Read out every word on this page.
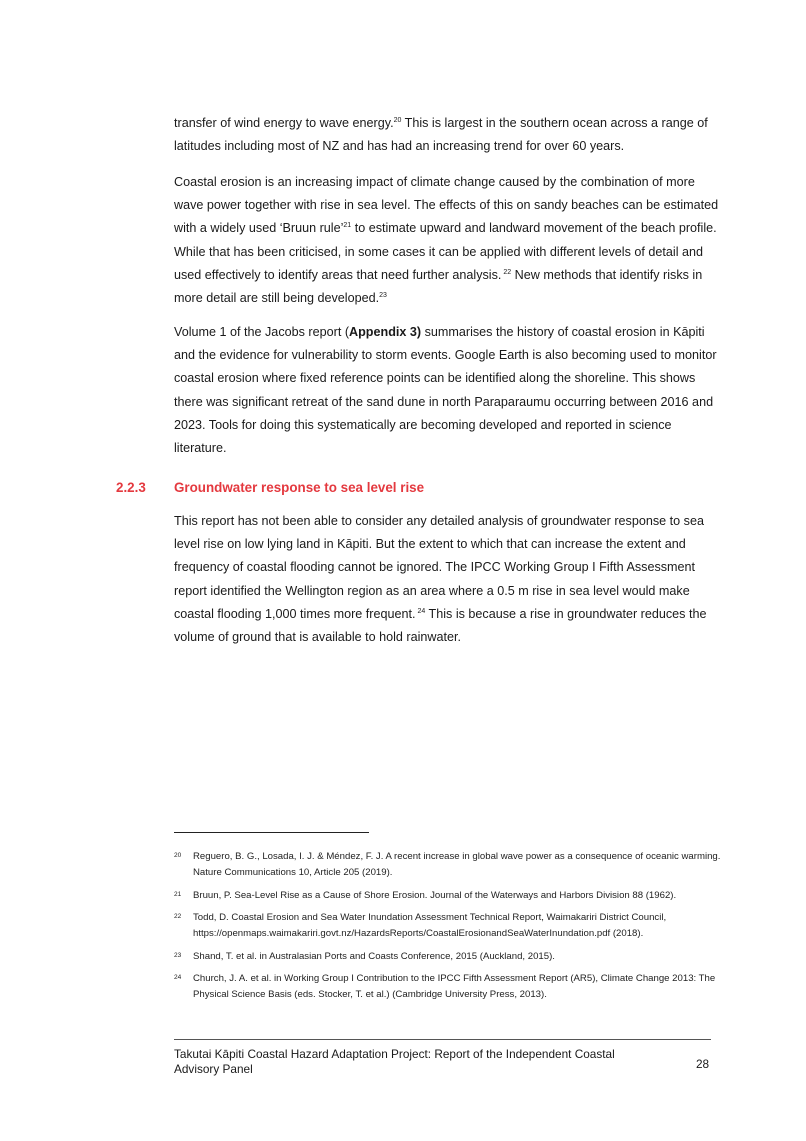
transfer of wind energy to wave energy.$^{20}$ This is largest in the southern ocean across a range of latitudes including most of NZ and has had an increasing trend for over 60 years.

Coastal erosion is an increasing impact of climate change caused by the combination of more wave power together with rise in sea level. The effects of this on sandy beaches can be estimated with a widely used ‘Bruun rule’$^{21}$ to estimate upward and landward movement of the beach profile. While that has been criticised, in some cases it can be applied with different levels of detail and used effectively to identify areas that need further analysis. $^{22}$ New methods that identify risks in more detail are still being developed.$^{23}$

Volume 1 of the Jacobs report (Appendix 3) summarises the history of coastal erosion in Kāpiti and the evidence for vulnerability to storm events. Google Earth is also becoming used to monitor coastal erosion where fixed reference points can be identified along the shoreline. This shows there was significant retreat of the sand dune in north Paraparaumu occurring between 2016 and 2023. Tools for doing this systematically are becoming developed and reported in science literature.

2.2.3 Groundwater response to sea level rise

This report has not been able to consider any detailed analysis of groundwater response to sea level rise on low lying land in Kāpiti. But the extent to which that can increase the extent and frequency of coastal flooding cannot be ignored. The IPCC Working Group I Fifth Assessment report identified the Wellington region as an area where a 0.5 m rise in sea level would make coastal flooding 1,000 times more frequent. $^{24}$ This is because a rise in groundwater reduces the volume of ground that is available to hold rainwater.

20 Reguero, B. G., Losada, I. J. & Méndez, F. J. A recent increase in global wave power as a consequence of oceanic warming. Nature Communications 10, Article 205 (2019).
21 Bruun, P. Sea-Level Rise as a Cause of Shore Erosion. Journal of the Waterways and Harbors Division 88 (1962).
22 Todd, D. Coastal Erosion and Sea Water Inundation Assessment Technical Report, Waimakariri District Council, https://openmaps.waimakariri.govt.nz/HazardsReports/CoastalErosionandSeaWaterInundation.pdf (2018).
23 Shand, T. et al. in Australasian Ports and Coasts Conference, 2015 (Auckland, 2015).
24 Church, J. A. et al. in Working Group I Contribution to the IPCC Fifth Assessment Report (AR5), Climate Change 2013: The Physical Science Basis (eds. Stocker, T. et al.) (Cambridge University Press, 2013).
Takutai Kāpiti Coastal Hazard Adaptation Project: Report of the Independent Coastal Advisory Panel	28
